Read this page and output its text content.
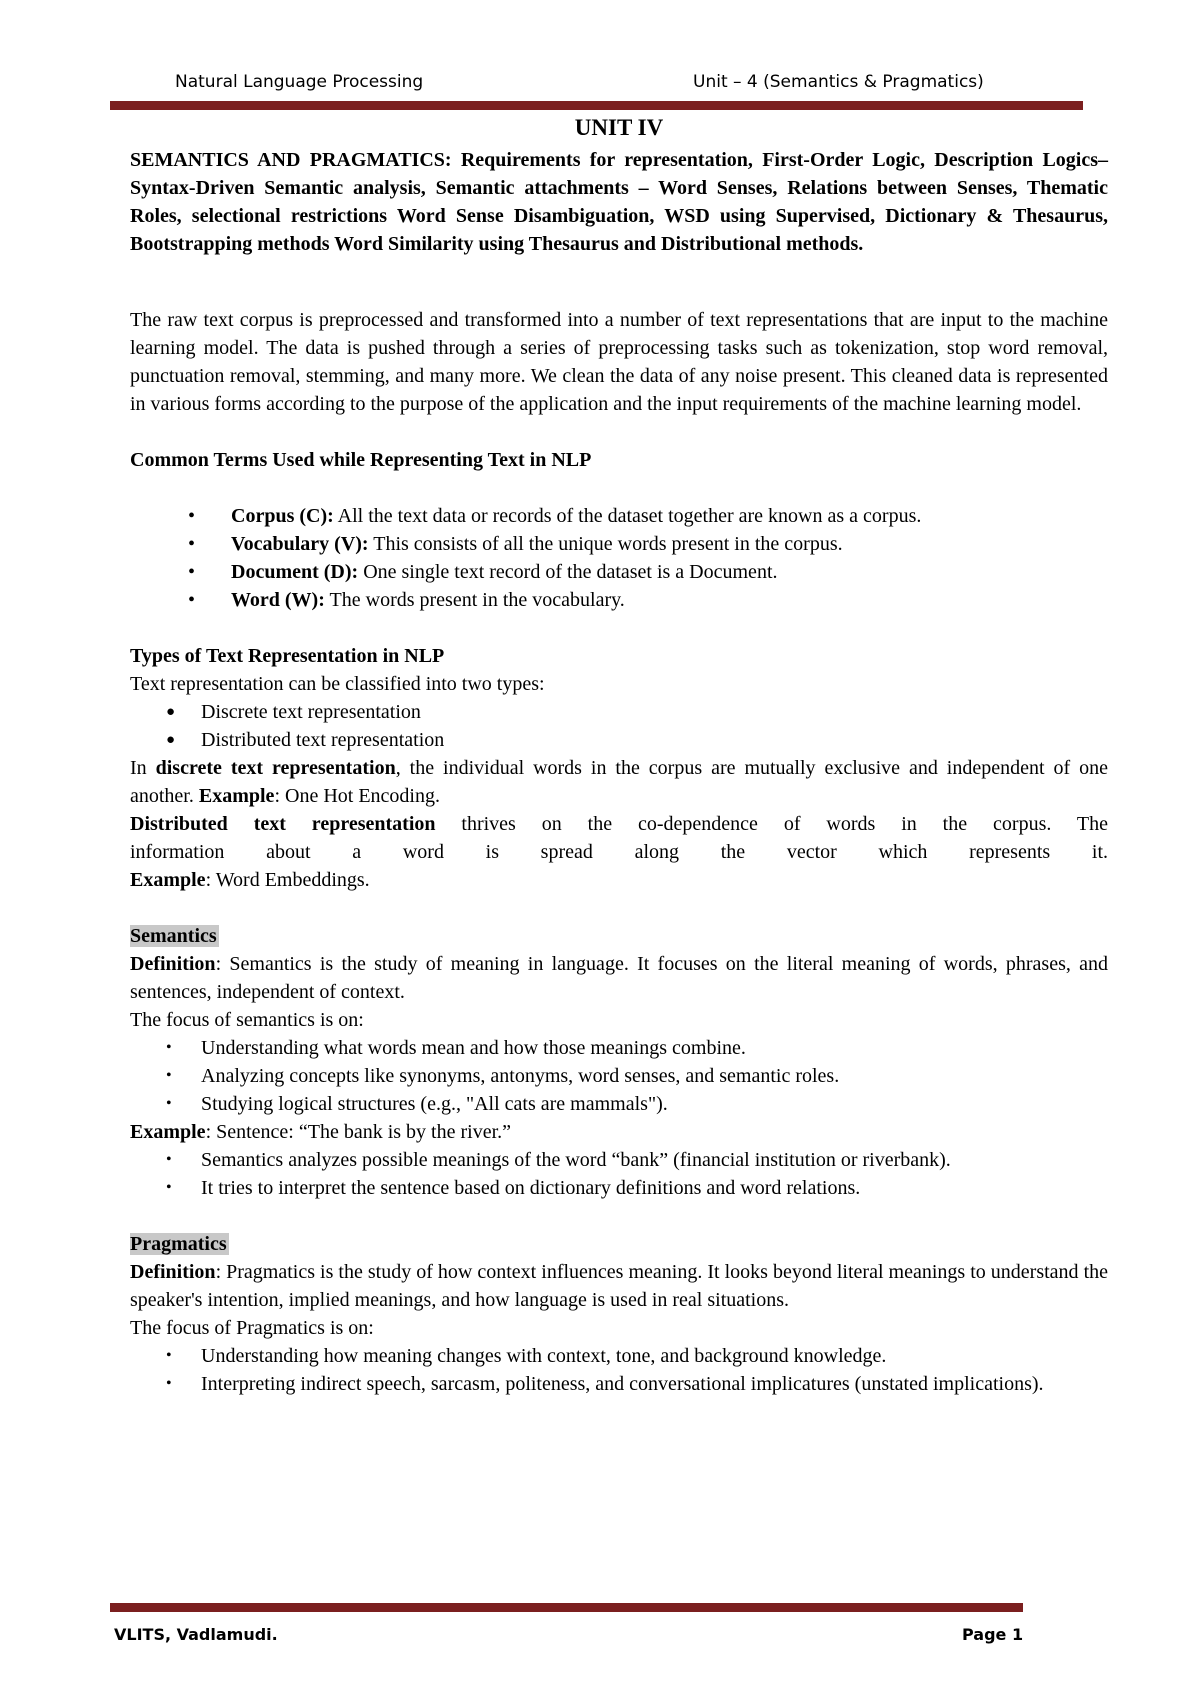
Natural Language Processing	Unit – 4 (Semantics & Pragmatics)
UNIT IV

SEMANTICS AND PRAGMATICS: Requirements for representation, First-Order Logic, Description Logics– Syntax-Driven Semantic analysis, Semantic attachments – Word Senses, Relations between Senses, Thematic Roles, selectional restrictions Word Sense Disambiguation, WSD using Supervised, Dictionary & Thesaurus, Bootstrapping methods Word Similarity using Thesaurus and Distributional methods.

The raw text corpus is preprocessed and transformed into a number of text representations that are input to the machine learning model. The data is pushed through a series of preprocessing tasks such as tokenization, stop word removal, punctuation removal, stemming, and many more. We clean the data of any noise present. This cleaned data is represented in various forms according to the purpose of the application and the input requirements of the machine learning model.

Common Terms Used while Representing Text in NLP

• Corpus (C): All the text data or records of the dataset together are known as a corpus.
• Vocabulary (V): This consists of all the unique words present in the corpus.
• Document (D): One single text record of the dataset is a Document.
• Word (W): The words present in the vocabulary.

Types of Text Representation in NLP

Text representation can be classified into two types:

● Discrete text representation
● Distributed text representation

In discrete text representation, the individual words in the corpus are mutually exclusive and independent of one another. Example: One Hot Encoding.

Distributed text representation thrives on the co-dependence of words in the corpus. The

information about a word is spread along the vector which represents it.

Example: Word Embeddings.

Semantics

Definition: Semantics is the study of meaning in language. It focuses on the literal meaning of words, phrases, and sentences, independent of context.

The focus of semantics is on:

• Understanding what words mean and how those meanings combine.
• Analyzing concepts like synonyms, antonyms, word senses, and semantic roles.
• Studying logical structures (e.g., "All cats are mammals").

Example: Sentence: “The bank is by the river.”

• Semantics analyzes possible meanings of the word “bank” (financial institution or riverbank).
• It tries to interpret the sentence based on dictionary definitions and word relations.

Pragmatics

Definition: Pragmatics is the study of how context influences meaning. It looks beyond literal meanings to understand the speaker's intention, implied meanings, and how language is used in real situations.

The focus of Pragmatics is on:

• Understanding how meaning changes with context, tone, and background knowledge.
• Interpreting indirect speech, sarcasm, politeness, and conversational implicatures (unstated implications).
VLITS, Vadlamudi.	Page 1
